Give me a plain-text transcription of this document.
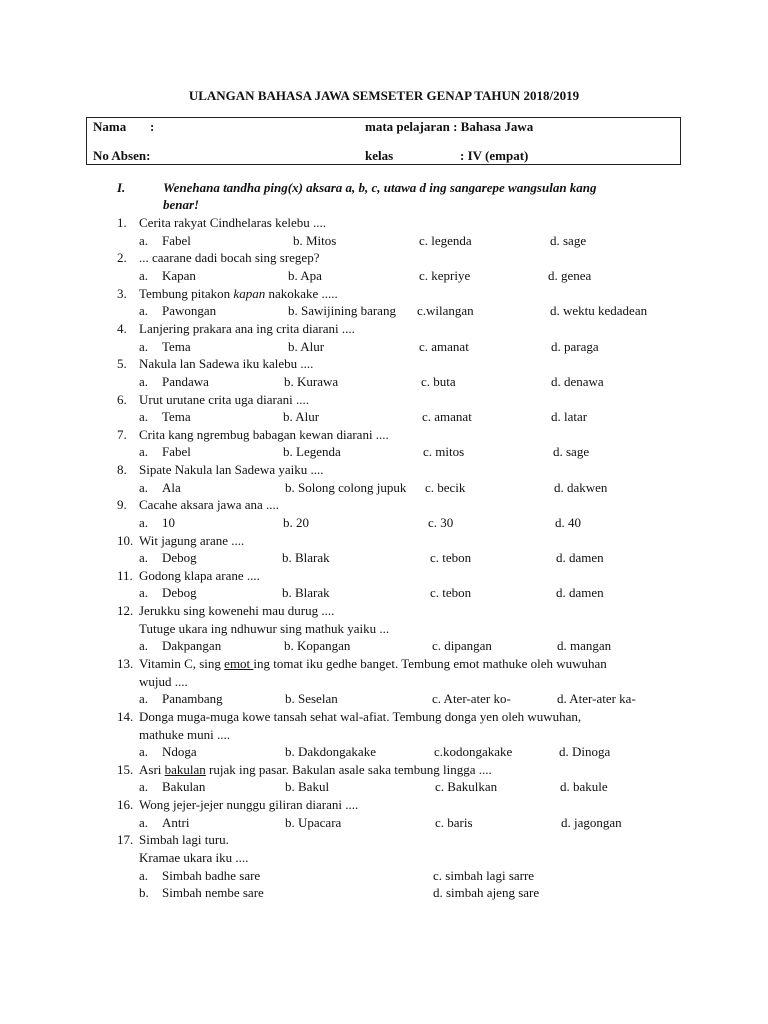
ULANGAN BAHASA JAWA SEMSETER GENAP TAHUN 2018/2019
Nama :	mata pelajaran : Bahasa Jawa
No Absen:	kelas	: IV (empat)
I.	Wenehana tandha ping(x) aksara a, b, c, utawa d ing sangarepe wangsulan kang
benar!
1. Cerita rakyat Cindhelaras kelebu ....
a. Fabel	b. Mitos	c. legenda	d. sage
2. ... caarane dadi bocah sing sregep?
a. Kapan	b. Apa	c. kepriye	d. genea
3. Tembung pitakon kapan nakokake .....
a. Pawongan	b. Sawijining barang c.wilangan	d. wektu kedadean
4. Lanjering prakara ana ing crita diarani ....
a. Tema	b. Alur	c. amanat	d. paraga
5. Nakula lan Sadewa iku kalebu ....
a. Pandawa	b. Kurawa	c. buta	d. denawa
6. Urut urutane crita uga diarani ....
a. Tema	b. Alur	c. amanat	d. latar
7. Crita kang ngrembug babagan kewan diarani ....
a. Fabel	b. Legenda	c. mitos	d. sage
8. Sipate Nakula lan Sadewa yaiku ....
a. Ala	b. Solong colong jupuk c. becik	d. dakwen
9. Cacahe aksara jawa ana ....
a. 10	b. 20	c. 30	d. 40
10. Wit jagung arane ....
a. Debog	b. Blarak	c. tebon	d. damen
11. Godong klapa arane ....
a. Debog	b. Blarak	c. tebon	d. damen
12. Jerukku sing kowenehi mau durug ....
Tutuge ukara ing ndhuwur sing mathuk yaiku ...
a. Dakpangan	b. Kopangan	c. dipangan	d. mangan
13. Vitamin C, sing emot ing tomat iku gedhe banget. Tembung emot mathuke oleh wuwuhan
wujud ....
a. Panambang	b. Seselan	c. Ater-ater ko-	d. Ater-ater ka-
14. Donga muga-muga kowe tansah sehat wal-afiat. Tembung donga yen oleh wuwuhan,
mathuke muni ....
a. Ndoga	b. Dakdongakake	c.kodongakake	d. Dinoga
15. Asri bakulan rujak ing pasar. Bakulan asale saka tembung lingga ....
a. Bakulan	b. Bakul	c. Bakulkan	d. bakule
16. Wong jejer-jejer nunggu giliran diarani ....
a. Antri	b. Upacara	c. baris	d. jagongan
17. Simbah lagi turu.
Kramae ukara iku ....
a. Simbah badhe sare	c. simbah lagi sarre
b. Simbah nembe sare	d. simbah ajeng sare
